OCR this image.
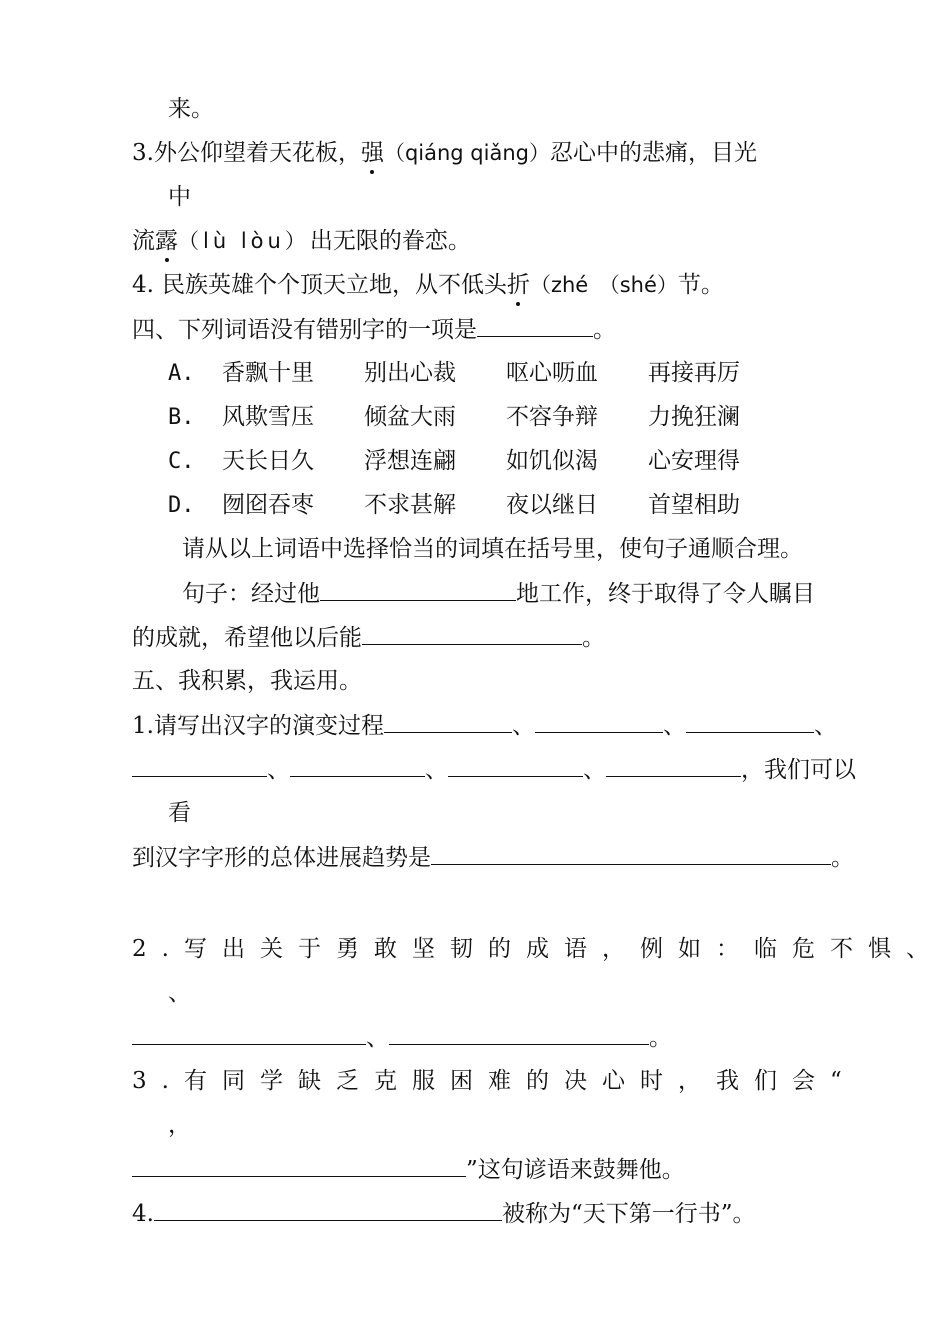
来。
3.外公仰望着天花板，强（qiáng qiǎng）忍心中的悲痛，目光
中
流露（lù lòu）出无限的眷恋。
4. 民族英雄个个顶天立地，从不低头折（zhé　（shé）节。
四、下列词语没有错别字的一项是	。
A. 香飘十里 别出心裁 呕心呖血 再接再厉
B. 风欺雪压 倾盆大雨 不容争辩 力挽狂澜
C. 天长日久 浮想连翩 如饥似渴 心安理得
D. 囫囵吞枣 不求甚解 夜以继日 首望相助
请从以上词语中选择恰当的词填在括号里，使句子通顺合理。
句子：经过他	地工作，终于取得了令人瞩目
的成就，希望他以后能	。
五、我积累，我运用。
1.请写出汉字的演变过程	、	、	、
、	、	、	，我们可以
看
到汉字字形的总体进展趋势是	。
2.写出关于勇敢坚韧的成语，例如：临危不惧、
、
、	。
3.有同学缺乏克服困难的决心时，我们会“
，
”这句谚语来鼓舞他。
4.	被称为“天下第一行书”。
